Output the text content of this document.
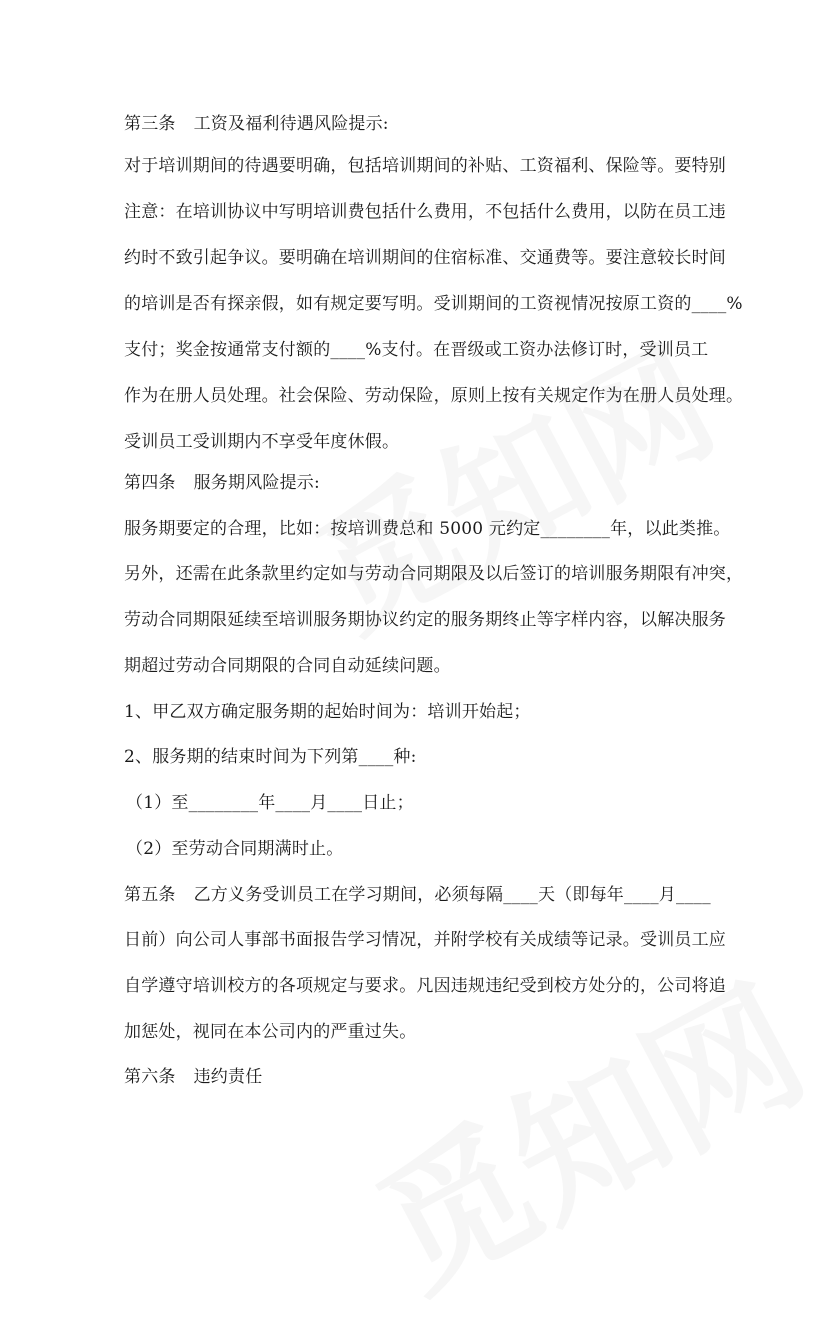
第三条 工资及福利待遇风险提示:
对于培训期间的待遇要明确，包括培训期间的补贴、工资福利、保险等。要特别
注意：在培训协议中写明培训费包括什么费用，不包括什么费用，以防在员工违
约时不致引起争议。要明确在培训期间的住宿标准、交通费等。要注意较长时间
的培训是否有探亲假，如有规定要写明。受训期间的工资视情况按原工资的____%
支付；奖金按通常支付额的____%支付。在晋级或工资办法修订时，受训员工
作为在册人员处理。社会保险、劳动保险，原则上按有关规定作为在册人员处理。
受训员工受训期内不享受年度休假。
第四条 服务期风险提示:
服务期要定的合理，比如：按培训费总和 5000 元约定________年，以此类推。
另外，还需在此条款里约定如与劳动合同期限及以后签订的培训服务期限有冲突，
劳动合同期限延续至培训服务期协议约定的服务期终止等字样内容，以解决服务
期超过劳动合同期限的合同自动延续问题。
1、甲乙双方确定服务期的起始时间为：培训开始起；
2、服务期的结束时间为下列第____种:
（1）至________年____月____日止；
（2）至劳动合同期满时止。
第五条 乙方义务受训员工在学习期间，必须每隔____天（即每年____月____
日前）向公司人事部书面报告学习情况，并附学校有关成绩等记录。受训员工应
自学遵守培训校方的各项规定与要求。凡因违规违纪受到校方处分的，公司将追
加惩处，视同在本公司内的严重过失。
第六条 违约责任
